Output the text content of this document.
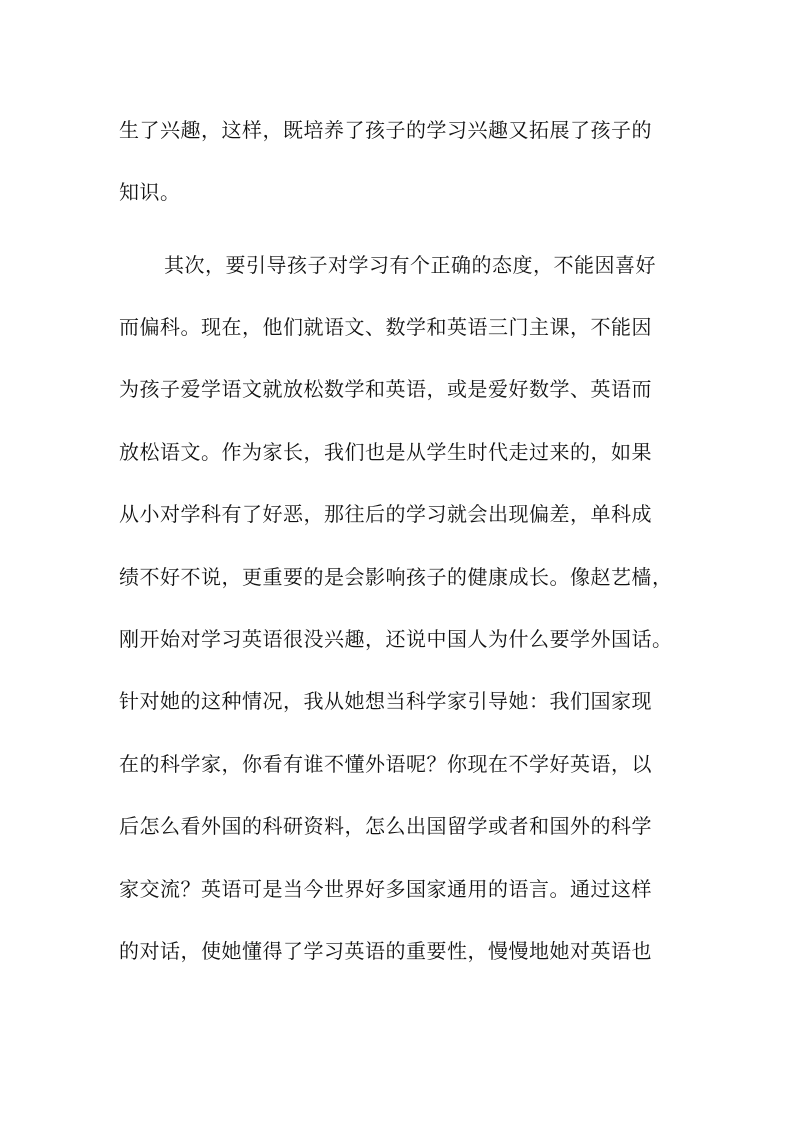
生了兴趣，这样，既培养了孩子的学习兴趣又拓展了孩子的
知识。
其次，要引导孩子对学习有个正确的态度，不能因喜好
而偏科。现在，他们就语文、数学和英语三门主课，不能因
为孩子爱学语文就放松数学和英语，或是爱好数学、英语而
放松语文。作为家长，我们也是从学生时代走过来的，如果
从小对学科有了好恶，那往后的学习就会出现偏差，单科成
绩不好不说，更重要的是会影响孩子的健康成长。像赵艺樯，
刚开始对学习英语很没兴趣，还说中国人为什么要学外国话。
针对她的这种情况，我从她想当科学家引导她：我们国家现
在的科学家，你看有谁不懂外语呢？你现在不学好英语，以
后怎么看外国的科研资料，怎么出国留学或者和国外的科学
家交流？英语可是当今世界好多国家通用的语言。通过这样
的对话，使她懂得了学习英语的重要性，慢慢地她对英语也
